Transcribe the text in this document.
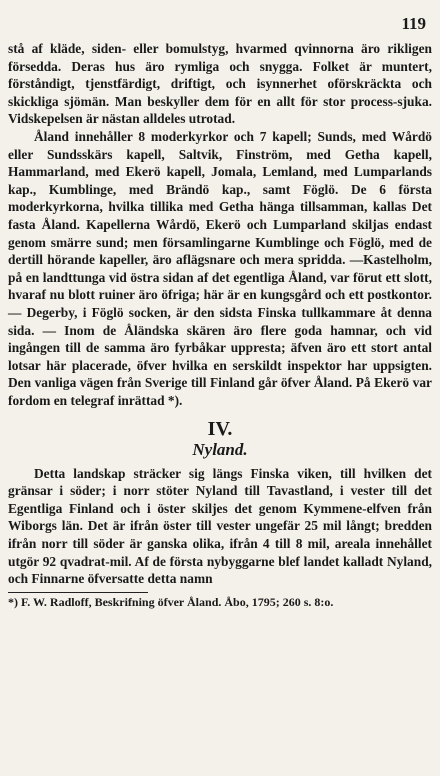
119

stå af kläde, siden- eller bomulstyg, hvarmed qvinnorna äro rikligen försedda. Deras hus äro rymliga och snygga. Folket är muntert, förståndigt, tjenstfärdigt, driftigt, och isynnerhet oförskräckta och skickliga sjömän. Man beskyller dem för en allt för stor process-sjuka. Vidskepelsen är nästan alldeles utrotad.

Åland innehåller 8 moderkyrkor och 7 kapell; Sunds, med Wårdö eller Sundsskärs kapell, Saltvik, Finström, med Getha kapell, Hammarland, med Ekerö kapell, Jomala, Lemland, med Lumparlands kap., Kumblinge, med Brändö kap., samt Föglö. De 6 första moderkyrkorna, hvilka tillika med Getha hänga tillsamman, kallas Det fasta Åland. Kapellerna Wårdö, Ekerö och Lumparland skiljas endast genom smärre sund; men församlingarne Kumblinge och Föglö, med de dertill hörande kapeller, äro aflägsnare och mera spridda. —Kastelholm, på en landttunga vid östra sidan af det egentliga Åland, var förut ett slott, hvaraf nu blott ruiner äro öfriga; här är en kungsgård och ett postkontor. — Degerby, i Föglö socken, är den sidsta Finska tullkammare åt denna sida. — Inom de Åländska skären äro flere goda hamnar, och vid ingången till de samma äro fyrbåkar uppresta; äfven äro ett stort antal lotsar här placerade, öfver hvilka en serskildt inspektor har uppsigten. Den vanliga vägen från Sverige till Finland går öfver Åland. På Ekerö var fordom en telegraf inrättad *).

IV.
Nyland.

Detta landskap sträcker sig längs Finska viken, till hvilken det gränsar i söder; i norr stöter Nyland till Tavastland, i vester till det Egentliga Finland och i öster skiljes det genom Kymmene-elfven från Wiborgs län. Det är ifrån öster till vester ungefär 25 mil långt; bredden ifrån norr till söder är ganska olika, ifrån 4 till 8 mil, areala innehållet utgör 92 qvadrat-mil. Af de första nybyggarne blef landet kalladt Nyland, och Finnarne öfversatte detta namn

*) F. W. Radloff, Beskrifning öfver Åland. Åbo, 1795; 260 s. 8:o.
